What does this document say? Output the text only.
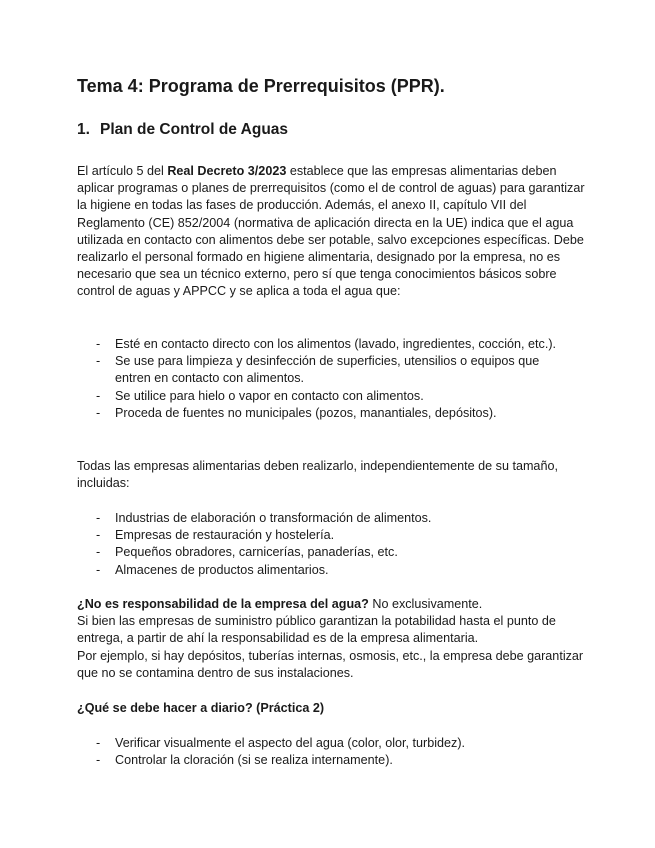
Tema 4: Programa de Prerrequisitos (PPR).
1. Plan de Control de Aguas

El artículo 5 del Real Decreto 3/2023 establece que las empresas alimentarias deben aplicar programas o planes de prerrequisitos (como el de control de aguas) para garantizar la higiene en todas las fases de producción. Además, el anexo II, capítulo VII del Reglamento (CE) 852/2004 (normativa de aplicación directa en la UE) indica que el agua utilizada en contacto con alimentos debe ser potable, salvo excepciones específicas. Debe realizarlo el personal formado en higiene alimentaria, designado por la empresa, no es necesario que sea un técnico externo, pero sí que tenga conocimientos básicos sobre control de aguas y APPCC y se aplica a toda el agua que:

- Esté en contacto directo con los alimentos (lavado, ingredientes, cocción, etc.).
- Se use para limpieza y desinfección de superficies, utensilios o equipos que entren en contacto con alimentos.
- Se utilice para hielo o vapor en contacto con alimentos.
- Proceda de fuentes no municipales (pozos, manantiales, depósitos).

Todas las empresas alimentarias deben realizarlo, independientemente de su tamaño, incluidas:

- Industrias de elaboración o transformación de alimentos.
- Empresas de restauración y hostelería.
- Pequeños obradores, carnicerías, panaderías, etc.
- Almacenes de productos alimentarios.
¿No es responsabilidad de la empresa del agua? No exclusivamente.
Si bien las empresas de suministro público garantizan la potabilidad hasta el punto de entrega, a partir de ahí la responsabilidad es de la empresa alimentaria.
Por ejemplo, si hay depósitos, tuberías internas, osmosis, etc., la empresa debe garantizar que no se contamina dentro de sus instalaciones.

¿Qué se debe hacer a diario? (Práctica 2)

- Verificar visualmente el aspecto del agua (color, olor, turbidez).
- Controlar la cloración (si se realiza internamente).
